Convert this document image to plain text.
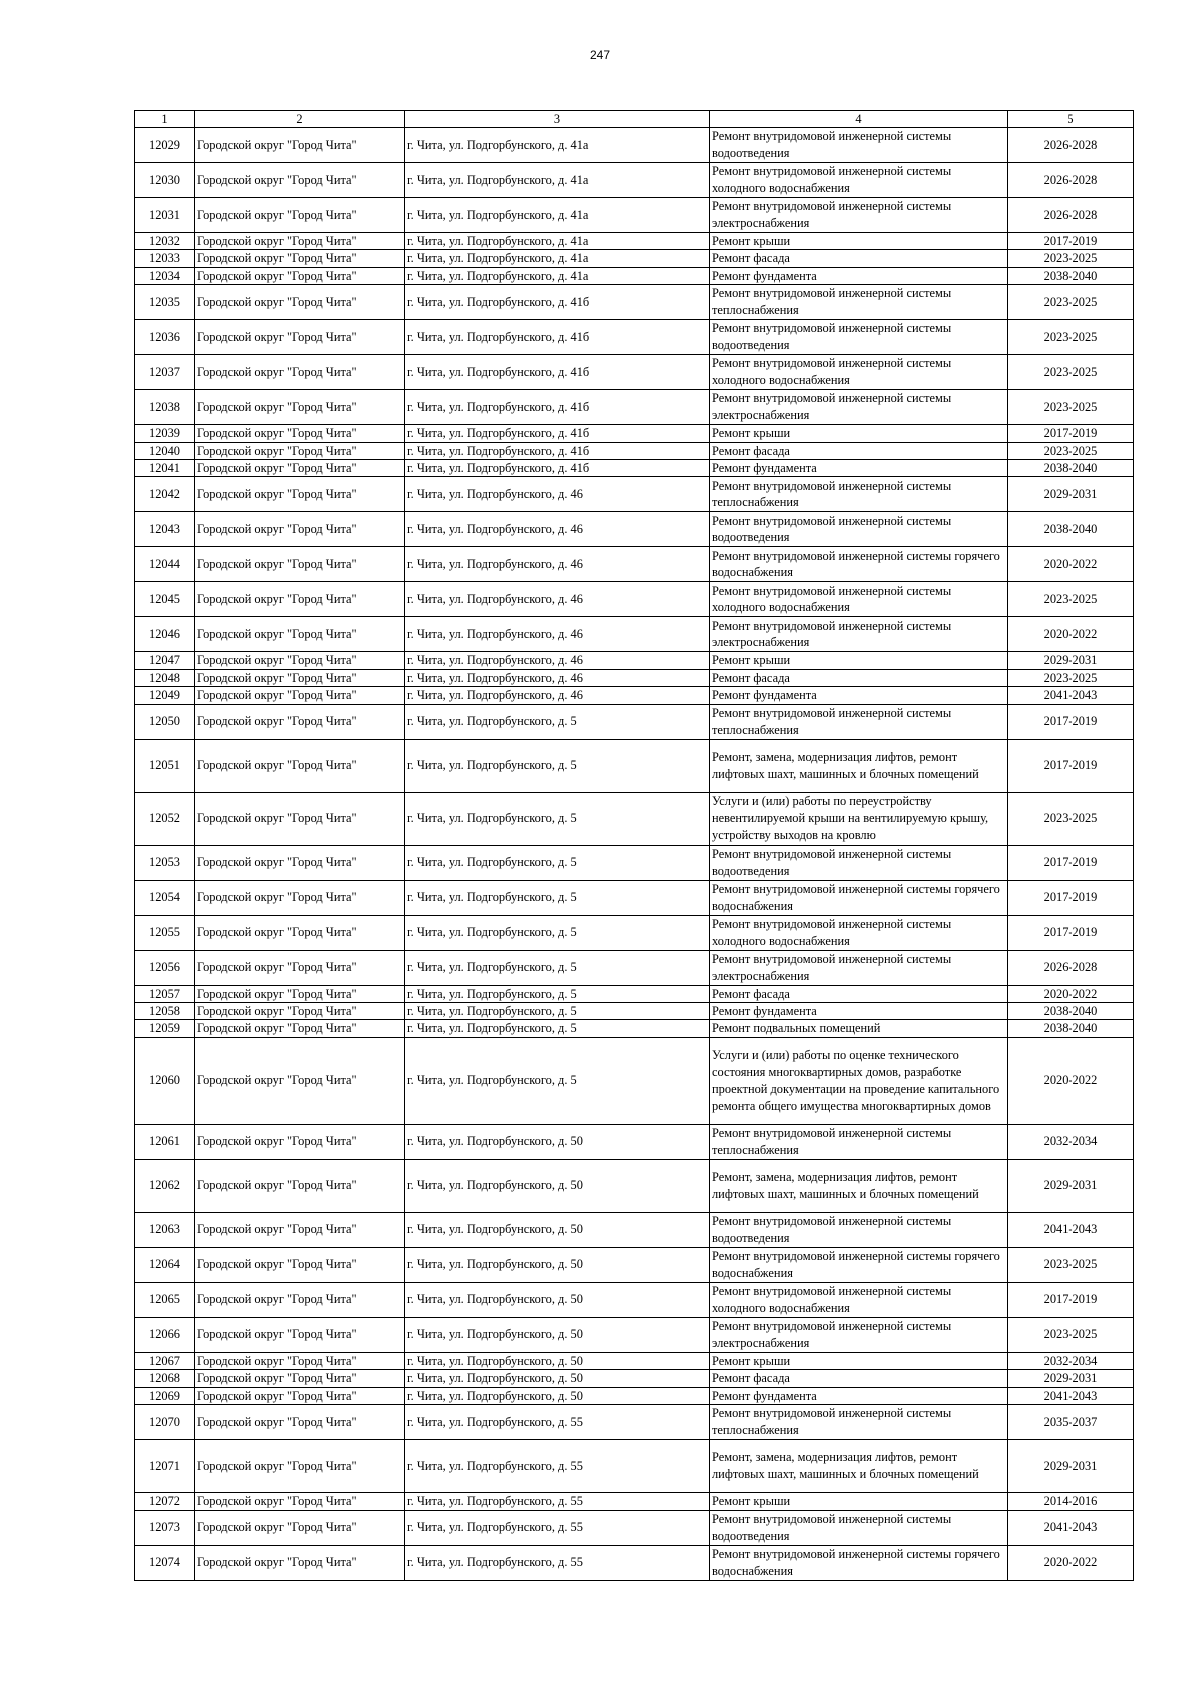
247
1	2	3	4	5
12029	Городской округ "Город Чита"	г. Чита, ул. Подгорбунского, д. 41а	Ремонт внутридомовой инженерной системы водоотведения	2026-2028
12030	Городской округ "Город Чита"	г. Чита, ул. Подгорбунского, д. 41а	Ремонт внутридомовой инженерной системы холодного водоснабжения	2026-2028
12031	Городской округ "Город Чита"	г. Чита, ул. Подгорбунского, д. 41а	Ремонт внутридомовой инженерной системы электроснабжения	2026-2028
12032	Городской округ "Город Чита"	г. Чита, ул. Подгорбунского, д. 41а	Ремонт крыши	2017-2019
12033	Городской округ "Город Чита"	г. Чита, ул. Подгорбунского, д. 41а	Ремонт фасада	2023-2025
12034	Городской округ "Город Чита"	г. Чита, ул. Подгорбунского, д. 41а	Ремонт фундамента	2038-2040
12035	Городской округ "Город Чита"	г. Чита, ул. Подгорбунского, д. 41б	Ремонт внутридомовой инженерной системы теплоснабжения	2023-2025
12036	Городской округ "Город Чита"	г. Чита, ул. Подгорбунского, д. 41б	Ремонт внутридомовой инженерной системы водоотведения	2023-2025
12037	Городской округ "Город Чита"	г. Чита, ул. Подгорбунского, д. 41б	Ремонт внутридомовой инженерной системы холодного водоснабжения	2023-2025
12038	Городской округ "Город Чита"	г. Чита, ул. Подгорбунского, д. 41б	Ремонт внутридомовой инженерной системы электроснабжения	2023-2025
12039	Городской округ "Город Чита"	г. Чита, ул. Подгорбунского, д. 41б	Ремонт крыши	2017-2019
12040	Городской округ "Город Чита"	г. Чита, ул. Подгорбунского, д. 41б	Ремонт фасада	2023-2025
12041	Городской округ "Город Чита"	г. Чита, ул. Подгорбунского, д. 41б	Ремонт фундамента	2038-2040
12042	Городской округ "Город Чита"	г. Чита, ул. Подгорбунского, д. 46	Ремонт внутридомовой инженерной системы теплоснабжения	2029-2031
12043	Городской округ "Город Чита"	г. Чита, ул. Подгорбунского, д. 46	Ремонт внутридомовой инженерной системы водоотведения	2038-2040
12044	Городской округ "Город Чита"	г. Чита, ул. Подгорбунского, д. 46	Ремонт внутридомовой инженерной системы горячего водоснабжения	2020-2022
12045	Городской округ "Город Чита"	г. Чита, ул. Подгорбунского, д. 46	Ремонт внутридомовой инженерной системы холодного водоснабжения	2023-2025
12046	Городской округ "Город Чита"	г. Чита, ул. Подгорбунского, д. 46	Ремонт внутридомовой инженерной системы электроснабжения	2020-2022
12047	Городской округ "Город Чита"	г. Чита, ул. Подгорбунского, д. 46	Ремонт крыши	2029-2031
12048	Городской округ "Город Чита"	г. Чита, ул. Подгорбунского, д. 46	Ремонт фасада	2023-2025
12049	Городской округ "Город Чита"	г. Чита, ул. Подгорбунского, д. 46	Ремонт фундамента	2041-2043
12050	Городской округ "Город Чита"	г. Чита, ул. Подгорбунского, д. 5	Ремонт внутридомовой инженерной системы теплоснабжения	2017-2019
12051	Городской округ "Город Чита"	г. Чита, ул. Подгорбунского, д. 5	Ремонт, замена, модернизация лифтов, ремонт лифтовых шахт, машинных и блочных помещений	2017-2019
12052	Городской округ "Город Чита"	г. Чита, ул. Подгорбунского, д. 5	Услуги и (или) работы по переустройству невентилируемой крыши на вентилируемую крышу, устройству выходов на кровлю	2023-2025
12053	Городской округ "Город Чита"	г. Чита, ул. Подгорбунского, д. 5	Ремонт внутридомовой инженерной системы водоотведения	2017-2019
12054	Городской округ "Город Чита"	г. Чита, ул. Подгорбунского, д. 5	Ремонт внутридомовой инженерной системы горячего водоснабжения	2017-2019
12055	Городской округ "Город Чита"	г. Чита, ул. Подгорбунского, д. 5	Ремонт внутридомовой инженерной системы холодного водоснабжения	2017-2019
12056	Городской округ "Город Чита"	г. Чита, ул. Подгорбунского, д. 5	Ремонт внутридомовой инженерной системы электроснабжения	2026-2028
12057	Городской округ "Город Чита"	г. Чита, ул. Подгорбунского, д. 5	Ремонт фасада	2020-2022
12058	Городской округ "Город Чита"	г. Чита, ул. Подгорбунского, д. 5	Ремонт фундамента	2038-2040
12059	Городской округ "Город Чита"	г. Чита, ул. Подгорбунского, д. 5	Ремонт подвальных помещений	2038-2040
12060	Городской округ "Город Чита"	г. Чита, ул. Подгорбунского, д. 5	Услуги и (или) работы по оценке технического состояния многоквартирных домов, разработке проектной документации на проведение капитального ремонта общего имущества многоквартирных домов	2020-2022
12061	Городской округ "Город Чита"	г. Чита, ул. Подгорбунского, д. 50	Ремонт внутридомовой инженерной системы теплоснабжения	2032-2034
12062	Городской округ "Город Чита"	г. Чита, ул. Подгорбунского, д. 50	Ремонт, замена, модернизация лифтов, ремонт лифтовых шахт, машинных и блочных помещений	2029-2031
12063	Городской округ "Город Чита"	г. Чита, ул. Подгорбунского, д. 50	Ремонт внутридомовой инженерной системы водоотведения	2041-2043
12064	Городской округ "Город Чита"	г. Чита, ул. Подгорбунского, д. 50	Ремонт внутридомовой инженерной системы горячего водоснабжения	2023-2025
12065	Городской округ "Город Чита"	г. Чита, ул. Подгорбунского, д. 50	Ремонт внутридомовой инженерной системы холодного водоснабжения	2017-2019
12066	Городской округ "Город Чита"	г. Чита, ул. Подгорбунского, д. 50	Ремонт внутридомовой инженерной системы электроснабжения	2023-2025
12067	Городской округ "Город Чита"	г. Чита, ул. Подгорбунского, д. 50	Ремонт крыши	2032-2034
12068	Городской округ "Город Чита"	г. Чита, ул. Подгорбунского, д. 50	Ремонт фасада	2029-2031
12069	Городской округ "Город Чита"	г. Чита, ул. Подгорбунского, д. 50	Ремонт фундамента	2041-2043
12070	Городской округ "Город Чита"	г. Чита, ул. Подгорбунского, д. 55	Ремонт внутридомовой инженерной системы теплоснабжения	2035-2037
12071	Городской округ "Город Чита"	г. Чита, ул. Подгорбунского, д. 55	Ремонт, замена, модернизация лифтов, ремонт лифтовых шахт, машинных и блочных помещений	2029-2031
12072	Городской округ "Город Чита"	г. Чита, ул. Подгорбунского, д. 55	Ремонт крыши	2014-2016
12073	Городской округ "Город Чита"	г. Чита, ул. Подгорбунского, д. 55	Ремонт внутридомовой инженерной системы водоотведения	2041-2043
12074	Городской округ "Город Чита"	г. Чита, ул. Подгорбунского, д. 55	Ремонт внутридомовой инженерной системы горячего водоснабжения	2020-2022
